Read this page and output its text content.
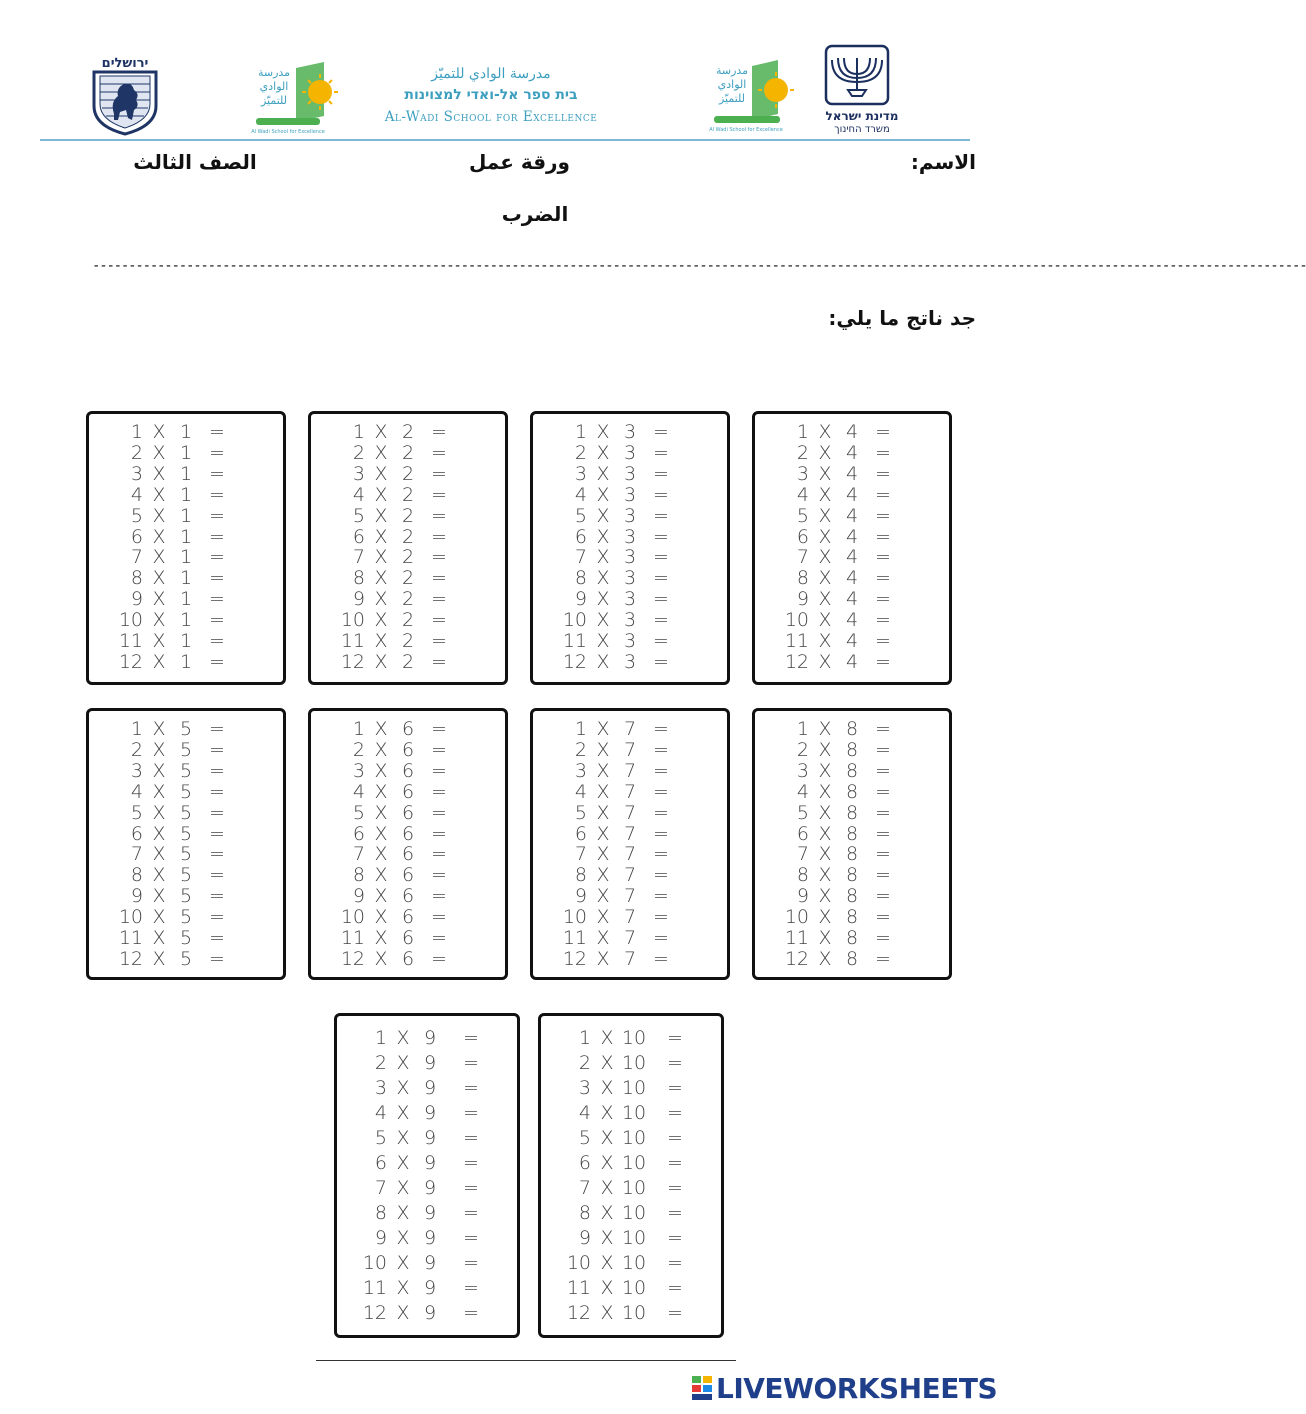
ירושלים
مدرسة
الوادي
للتميّز
Al Wadi School for Excellence
مدرسة الوادي للتميّز
בית ספר אל-ואדי למצוינות
Al-Wadi School for Excellence
مدرسة
الوادي
للتميّز
Al Wadi School for Excellence
מדינת ישראל
משרד החינוך
الاسم:
ورقة عمل
الصف الثالث
الضرب
------------------------------------------------------------------------------------------------------------------------------------------------------------------------
جد ناتج ما يلي:
1 X 1 =
2 X 1 =
3 X 1 =
4 X 1 =
5 X 1 =
6 X 1 =
7 X 1 =
8 X 1 =
9 X 1 =
10 X 1 =
11 X 1 =
12 X 1 =
1 X 2 =
2 X 2 =
3 X 2 =
4 X 2 =
5 X 2 =
6 X 2 =
7 X 2 =
8 X 2 =
9 X 2 =
10 X 2 =
11 X 2 =
12 X 2 =
1 X 3 =
2 X 3 =
3 X 3 =
4 X 3 =
5 X 3 =
6 X 3 =
7 X 3 =
8 X 3 =
9 X 3 =
10 X 3 =
11 X 3 =
12 X 3 =
1 X 4 =
2 X 4 =
3 X 4 =
4 X 4 =
5 X 4 =
6 X 4 =
7 X 4 =
8 X 4 =
9 X 4 =
10 X 4 =
11 X 4 =
12 X 4 =
1 X 5 =
2 X 5 =
3 X 5 =
4 X 5 =
5 X 5 =
6 X 5 =
7 X 5 =
8 X 5 =
9 X 5 =
10 X 5 =
11 X 5 =
12 X 5 =
1 X 6 =
2 X 6 =
3 X 6 =
4 X 6 =
5 X 6 =
6 X 6 =
7 X 6 =
8 X 6 =
9 X 6 =
10 X 6 =
11 X 6 =
12 X 6 =
1 X 7 =
2 X 7 =
3 X 7 =
4 X 7 =
5 X 7 =
6 X 7 =
7 X 7 =
8 X 7 =
9 X 7 =
10 X 7 =
11 X 7 =
12 X 7 =
1 X 8 =
2 X 8 =
3 X 8 =
4 X 8 =
5 X 8 =
6 X 8 =
7 X 8 =
8 X 8 =
9 X 8 =
10 X 8 =
11 X 8 =
12 X 8 =
1 X 9	=
2 X 9	=
3 X 9	=
4 X 9	=
5 X 9	=
6 X 9	=
7 X 9	=
8 X 9	=
9 X 9	=
10 X 9	=
11 X 9	=
12 X 9	=
1 X 10 =
2 X 10 =
3 X 10 =
4 X 10 =
5 X 10 =
6 X 10 =
7 X 10 =
8 X 10 =
9 X 10 =
10 X 10 =
11 X 10 =
12 X 10 =
LIVEWORKSHEETS
